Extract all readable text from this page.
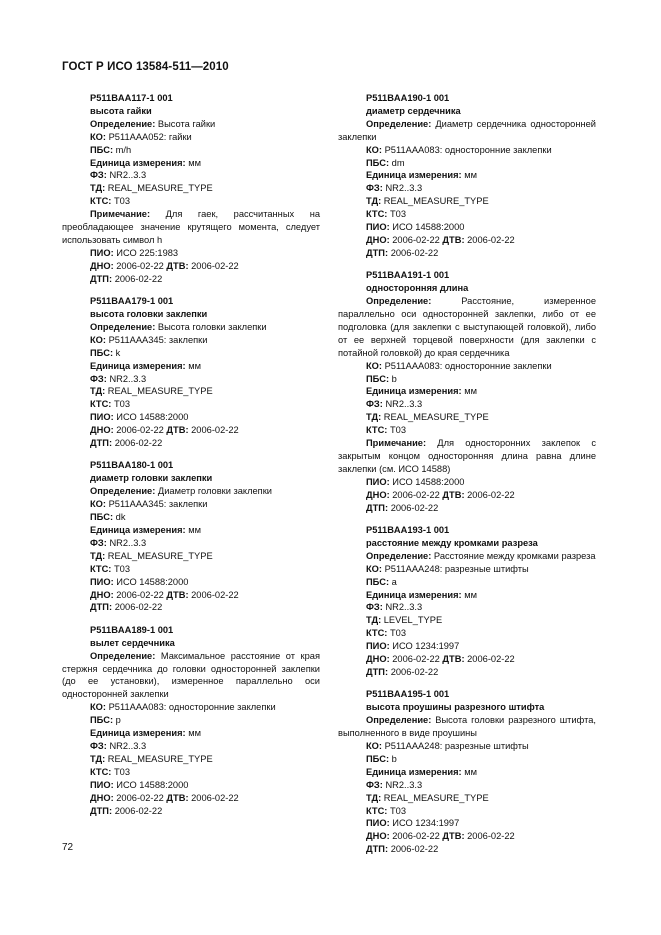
ГОСТ Р ИСО 13584-511—2010
P511BAA117-1 001
высота гайки
Определение: Высота гайки
КО: P511AAA052: гайки
ПБС: m/h
Единица измерения: мм
ФЗ: NR2..3.3
ТД: REAL_MEASURE_TYPE
КТС: T03
Примечание: Для гаек, рассчитанных на преобладающее значение крутящего момента, следует использовать символ h
ПИО: ИСО 225:1983
ДНО: 2006-02-22 ДТВ: 2006-02-22
ДТП: 2006-02-22
P511BAA179-1 001
высота головки заклепки
Определение: Высота головки заклепки
КО: P511AAA345: заклепки
ПБС: k
Единица измерения: мм
ФЗ: NR2..3.3
ТД: REAL_MEASURE_TYPE
КТС: T03
ПИО: ИСО 14588:2000
ДНО: 2006-02-22 ДТВ: 2006-02-22
ДТП: 2006-02-22
P511BAA180-1 001
диаметр головки заклепки
Определение: Диаметр головки заклепки
КО: P511AAA345: заклепки
ПБС: dk
Единица измерения: мм
ФЗ: NR2..3.3
ТД: REAL_MEASURE_TYPE
КТС: T03
ПИО: ИСО 14588:2000
ДНО: 2006-02-22 ДТВ: 2006-02-22
ДТП: 2006-02-22
P511BAA189-1 001
вылет сердечника
Определение: Максимальное расстояние от края стержня сердечника до головки односторонней заклепки (до ее установки), измеренное параллельно оси односторонней заклепки
КО: P511AAA083: односторонние заклепки
ПБС: p
Единица измерения: мм
ФЗ: NR2..3.3
ТД: REAL_MEASURE_TYPE
КТС: T03
ПИО: ИСО 14588:2000
ДНО: 2006-02-22 ДТВ: 2006-02-22
ДТП: 2006-02-22
P511BAA190-1 001
диаметр сердечника
Определение: Диаметр сердечника односторонней заклепки
КО: P511AAA083: односторонние заклепки
ПБС: dm
Единица измерения: мм
ФЗ: NR2..3.3
ТД: REAL_MEASURE_TYPE
КТС: T03
ПИО: ИСО 14588:2000
ДНО: 2006-02-22 ДТВ: 2006-02-22
ДТП: 2006-02-22
P511BAA191-1 001
односторонняя длина
Определение:	Расстояние, измеренное параллельно оси односторонней заклепки, либо от ее подголовка (для заклепки с выступающей головкой), либо от ее верхней торцевой поверхности (для заклепки с потайной головкой) до края сердечника
КО: P511AAA083: односторонние заклепки
ПБС: b
Единица измерения: мм
ФЗ: NR2..3.3
ТД: REAL_MEASURE_TYPE
КТС: T03
Примечание: Для односторонних заклепок с закрытым концом односторонняя длина равна длине заклепки (см. ИСО 14588)
ПИО: ИСО 14588:2000
ДНО: 2006-02-22 ДТВ: 2006-02-22
ДТП: 2006-02-22
P511BAA193-1 001
расстояние между кромками разреза
Определение: Расстояние между кромками разреза
КО: P511AAA248: разрезные штифты
ПБС: a
Единица измерения: мм
ФЗ: NR2..3.3
ТД: LEVEL_TYPE
КТС: T03
ПИО: ИСО 1234:1997
ДНО: 2006-02-22 ДТВ: 2006-02-22
ДТП: 2006-02-22
P511BAA195-1 001
высота проушины разрезного штифта
Определение: Высота головки разрезного штифта, выполненного в виде проушины
КО: P511AAA248: разрезные штифты
ПБС: b
Единица измерения: мм
ФЗ: NR2..3.3
ТД: REAL_MEASURE_TYPE
КТС: T03
ПИО: ИСО 1234:1997
ДНО: 2006-02-22 ДТВ: 2006-02-22
ДТП: 2006-02-22
72
